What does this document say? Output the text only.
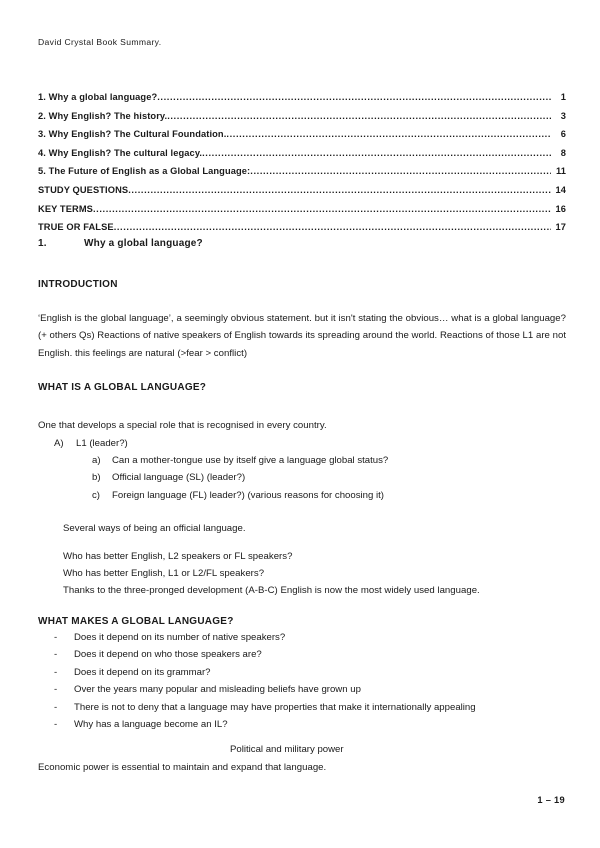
David Crystal Book Summary.
1. Why a global language? .....	1
2. Why English? The history. .....	3
3. Why English? The Cultural Foundation. .....	6
4. Why English? The cultural legacy. .....	8
5. The Future of English as a Global Language: .....	11
STUDY QUESTIONS .....	14
KEY TERMS .....	16
TRUE OR FALSE .....	17
1.	Why a global language?
INTRODUCTION

‘English is the global language’, a seemingly obvious statement. but it isn't stating the obvious… what is a global language? (+ others Qs) Reactions of native speakers of English towards its spreading around the world. Reactions of those L1 are not English. this feelings are natural (>fear > conflict)

WHAT IS A GLOBAL LANGUAGE?

One that develops a special role that is recognised in every country.

A)	L1 (leader?)
a)	Can a mother-tongue use by itself give a language global status?
b)	Official language (SL) (leader?)
c)	Foreign language (FL) leader?) (various reasons for choosing it)

Several ways of being an official language.

Who has better English, L2 speakers or FL speakers?

Who has better English, L1 or L2/FL speakers?

Thanks to the three-pronged development (A-B-C) English is now the most widely used language.

WHAT MAKES A GLOBAL LANGUAGE?
-	Does it depend on its number of native speakers?
-	Does it depend on who those speakers are?
-	Does it depend on its grammar?
-	Over the years many popular and misleading beliefs have grown up
-	There is not to deny that a language may have properties that make it internationally appealing
-	Why has a language become an IL?
Political and military power

Economic power is essential to maintain and expand that language.

1 – 19
